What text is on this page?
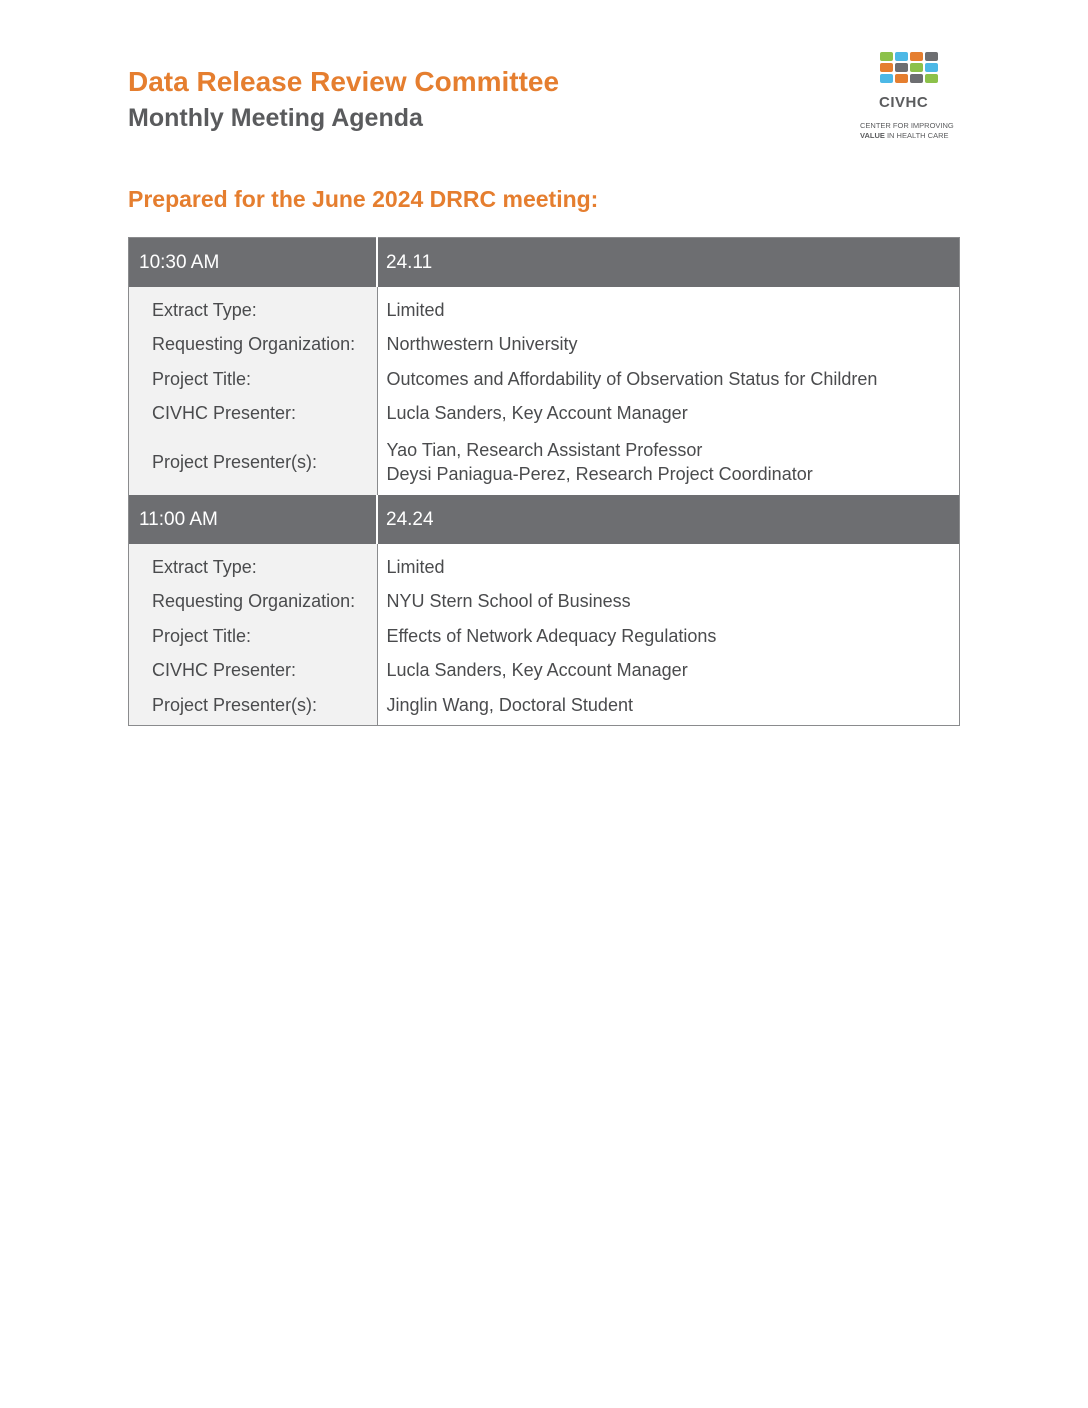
Data Release Review Committee
Monthly Meeting Agenda
CIVHC
CENTER FOR IMPROVING
VALUE IN HEALTH CARE
Prepared for the June 2024 DRRC meeting:
10:30 AM	24.11
Extract Type:	Limited
Requesting Organization:	Northwestern University
Project Title:	Outcomes and Affordability of Observation Status for Children
CIVHC Presenter:	Lucla Sanders, Key Account Manager
Project Presenter(s):	Yao Tian, Research Assistant Professor
Deysi Paniagua-Perez, Research Project Coordinator

11:00 AM	24.24
Extract Type:	Limited
Requesting Organization:	NYU Stern School of Business
Project Title:	Effects of Network Adequacy Regulations
CIVHC Presenter:	Lucla Sanders, Key Account Manager
Project Presenter(s):	Jinglin Wang, Doctoral Student
